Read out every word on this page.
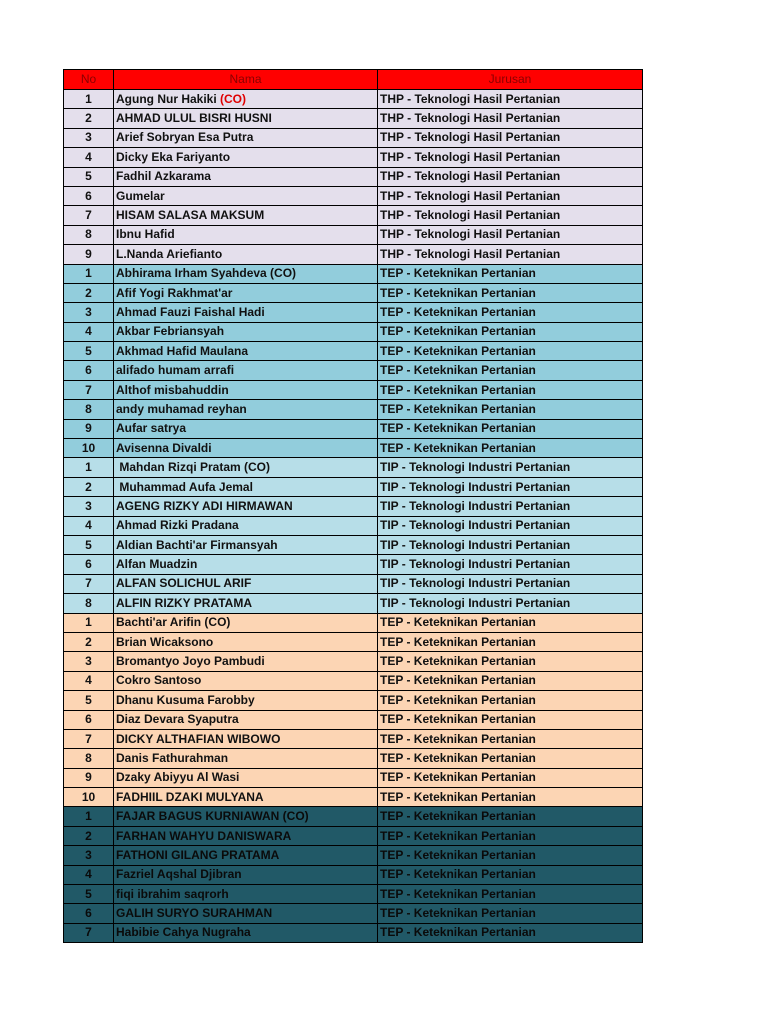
No	Nama	Jurusan
1	Agung Nur Hakiki (CO)	THP - Teknologi Hasil Pertanian
2	AHMAD ULUL BISRI HUSNI	THP - Teknologi Hasil Pertanian
3	Arief Sobryan Esa Putra	THP - Teknologi Hasil Pertanian
4	Dicky Eka Fariyanto	THP - Teknologi Hasil Pertanian
5	Fadhil Azkarama	THP - Teknologi Hasil Pertanian
6	Gumelar	THP - Teknologi Hasil Pertanian
7	HISAM SALASA MAKSUM	THP - Teknologi Hasil Pertanian
8	Ibnu Hafid	THP - Teknologi Hasil Pertanian
9	L.Nanda Ariefianto	THP - Teknologi Hasil Pertanian
1	Abhirama Irham Syahdeva (CO)	TEP - Keteknikan Pertanian
2	Afif Yogi Rakhmat'ar	TEP - Keteknikan Pertanian
3	Ahmad Fauzi Faishal Hadi	TEP - Keteknikan Pertanian
4	Akbar Febriansyah	TEP - Keteknikan Pertanian
5	Akhmad Hafid Maulana	TEP - Keteknikan Pertanian
6	alifado humam arrafi	TEP - Keteknikan Pertanian
7	Althof misbahuddin	TEP - Keteknikan Pertanian
8	andy muhamad reyhan	TEP - Keteknikan Pertanian
9	Aufar satrya	TEP - Keteknikan Pertanian
10	Avisenna Divaldi	TEP - Keteknikan Pertanian
1	Mahdan Rizqi Pratam (CO)	TIP - Teknologi Industri Pertanian
2	Muhammad Aufa Jemal	TIP - Teknologi Industri Pertanian
3	AGENG RIZKY ADI HIRMAWAN	TIP - Teknologi Industri Pertanian
4	Ahmad Rizki Pradana	TIP - Teknologi Industri Pertanian
5	Aldian Bachti'ar Firmansyah	TIP - Teknologi Industri Pertanian
6	Alfan Muadzin	TIP - Teknologi Industri Pertanian
7	ALFAN SOLICHUL ARIF	TIP - Teknologi Industri Pertanian
8	ALFIN RIZKY PRATAMA	TIP - Teknologi Industri Pertanian
1	Bachti'ar Arifin (CO)	TEP - Keteknikan Pertanian
2	Brian Wicaksono	TEP - Keteknikan Pertanian
3	Bromantyo Joyo Pambudi	TEP - Keteknikan Pertanian
4	Cokro Santoso	TEP - Keteknikan Pertanian
5	Dhanu Kusuma Farobby	TEP - Keteknikan Pertanian
6	Diaz Devara Syaputra	TEP - Keteknikan Pertanian
7	DICKY ALTHAFIAN WIBOWO	TEP - Keteknikan Pertanian
8	Danis Fathurahman	TEP - Keteknikan Pertanian
9	Dzaky Abiyyu Al Wasi	TEP - Keteknikan Pertanian
10	FADHIIL DZAKI MULYANA	TEP - Keteknikan Pertanian
1	FAJAR BAGUS KURNIAWAN (CO)	TEP - Keteknikan Pertanian
2	FARHAN WAHYU DANISWARA	TEP - Keteknikan Pertanian
3	FATHONI GILANG PRATAMA	TEP - Keteknikan Pertanian
4	Fazriel Aqshal Djibran	TEP - Keteknikan Pertanian
5	fiqi ibrahim saqrorh	TEP - Keteknikan Pertanian
6	GALIH SURYO SURAHMAN	TEP - Keteknikan Pertanian
7	Habibie Cahya Nugraha	TEP - Keteknikan Pertanian
